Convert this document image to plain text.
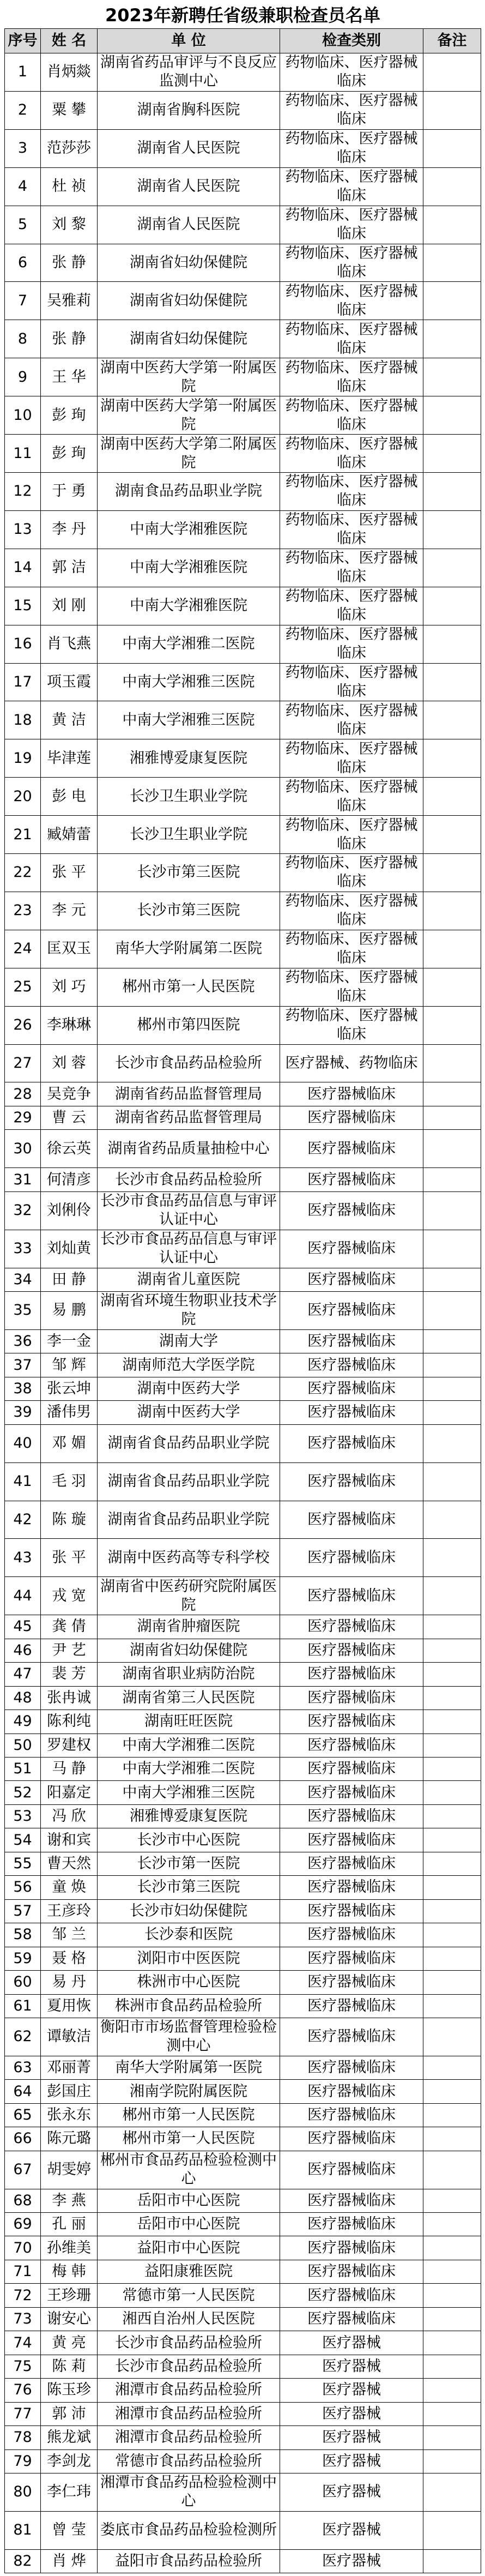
2023年新聘任省级兼职检查员名单
序号	姓 名	单 位	检查类别	备注
1	肖炳燚	湖南省药品审评与不良反应监测中心	药物临床、医疗器械临床	
2	粟 攀	湖南省胸科医院	药物临床、医疗器械临床	
3	范莎莎	湖南省人民医院	药物临床、医疗器械临床	
4	杜 祯	湖南省人民医院	药物临床、医疗器械临床	
5	刘 黎	湖南省人民医院	药物临床、医疗器械临床	
6	张 静	湖南省妇幼保健院	药物临床、医疗器械临床	
7	吴雅莉	湖南省妇幼保健院	药物临床、医疗器械临床	
8	张 静	湖南省妇幼保健院	药物临床、医疗器械临床	
9	王 华	湖南中医药大学第一附属医院	药物临床、医疗器械临床	
10	彭 珣	湖南中医药大学第一附属医院	药物临床、医疗器械临床	
11	彭 珣	湖南中医药大学第二附属医院	药物临床、医疗器械临床	
12	于 勇	湖南食品药品职业学院	药物临床、医疗器械临床	
13	李 丹	中南大学湘雅医院	药物临床、医疗器械临床	
14	郭 洁	中南大学湘雅医院	药物临床、医疗器械临床	
15	刘 刚	中南大学湘雅医院	药物临床、医疗器械临床	
16	肖飞燕	中南大学湘雅二医院	药物临床、医疗器械临床	
17	项玉霞	中南大学湘雅三医院	药物临床、医疗器械临床	
18	黄 洁	中南大学湘雅三医院	药物临床、医疗器械临床	
19	毕津莲	湘雅博爱康复医院	药物临床、医疗器械临床	
20	彭 电	长沙卫生职业学院	药物临床、医疗器械临床	
21	臧婧蕾	长沙卫生职业学院	药物临床、医疗器械临床	
22	张 平	长沙市第三医院	药物临床、医疗器械临床	
23	李 元	长沙市第三医院	药物临床、医疗器械临床	
24	匡双玉	南华大学附属第二医院	药物临床、医疗器械临床	
25	刘 巧	郴州市第一人民医院	药物临床、医疗器械临床	
26	李琳琳	郴州市第四医院	药物临床、医疗器械临床	
27	刘 蓉	长沙市食品药品检验所	医疗器械、药物临床	
28	吴竞争	湖南省药品监督管理局	医疗器械临床	
29	曹 云	湖南省药品监督管理局	医疗器械临床	
30	徐云英	湖南省药品质量抽检中心	医疗器械临床	
31	何清彦	长沙市食品药品检验所	医疗器械临床	
32	刘俐伶	长沙市食品药品信息与审评认证中心	医疗器械临床	
33	刘灿黄	长沙市食品药品信息与审评认证中心	医疗器械临床	
34	田 静	湖南省儿童医院	医疗器械临床	
35	易 鹏	湖南省环境生物职业技术学院	医疗器械临床	
36	李一金	湖南大学	医疗器械临床	
37	邹 辉	湖南师范大学医学院	医疗器械临床	
38	张云坤	湖南中医药大学	医疗器械临床	
39	潘伟男	湖南中医药大学	医疗器械临床	
40	邓 媚	湖南省食品药品职业学院	医疗器械临床	
41	毛 羽	湖南省食品药品职业学院	医疗器械临床	
42	陈 璇	湖南省食品药品职业学院	医疗器械临床	
43	张 平	湖南中医药高等专科学校	医疗器械临床	
44	戎 宽	湖南省中医药研究院附属医院	医疗器械临床	
45	龚 倩	湖南省肿瘤医院	医疗器械临床	
46	尹 艺	湖南省妇幼保健院	医疗器械临床	
47	裴 芳	湖南省职业病防治院	医疗器械临床	
48	张冉诚	湖南省第三人民医院	医疗器械临床	
49	陈利纯	湖南旺旺医院	医疗器械临床	
50	罗建权	中南大学湘雅二医院	医疗器械临床	
51	马 静	中南大学湘雅二医院	医疗器械临床	
52	阳嘉定	中南大学湘雅三医院	医疗器械临床	
53	冯 欣	湘雅博爱康复医院	医疗器械临床	
54	谢和宾	长沙市中心医院	医疗器械临床	
55	曹天然	长沙市第一医院	医疗器械临床	
56	童 焕	长沙市第三医院	医疗器械临床	
57	王彦玲	长沙市妇幼保健院	医疗器械临床	
58	邹 兰	长沙泰和医院	医疗器械临床	
59	聂 格	浏阳市中医医院	医疗器械临床	
60	易 丹	株洲市中心医院	医疗器械临床	
61	夏用恢	株洲市食品药品检验所	医疗器械临床	
62	谭敏洁	衡阳市市场监督管理检验检测中心	医疗器械临床	
63	邓丽菁	南华大学附属第一医院	医疗器械临床	
64	彭国庄	湘南学院附属医院	医疗器械临床	
65	张永东	郴州市第一人民医院	医疗器械临床	
66	陈元璐	郴州市第一人民医院	医疗器械临床	
67	胡雯婷	郴州市食品药品检验检测中心	医疗器械临床	
68	李 燕	岳阳市中心医院	医疗器械临床	
69	孔 丽	岳阳市中心医院	医疗器械临床	
70	孙维美	益阳市中心医院	医疗器械临床	
71	梅 韩	益阳康雅医院	医疗器械临床	
72	王珍珊	常德市第一人民医院	医疗器械临床	
73	谢安心	湘西自治州人民医院	医疗器械临床	
74	黄 亮	长沙市食品药品检验所	医疗器械	
75	陈 莉	长沙市食品药品检验所	医疗器械	
76	陈玉珍	湘潭市食品药品检验所	医疗器械	
77	郭 沛	湘潭市食品药品检验所	医疗器械	
78	熊龙斌	湘潭市食品药品检验所	医疗器械	
79	李剑龙	常德市食品药品检验所	医疗器械	
80	李仁玮	湘潭市食品药品检验检测中心	医疗器械	
81	曾 莹	娄底市食品药品检验检测所	医疗器械	
82	肖 烨	益阳市食品药品检验所	医疗器械	
